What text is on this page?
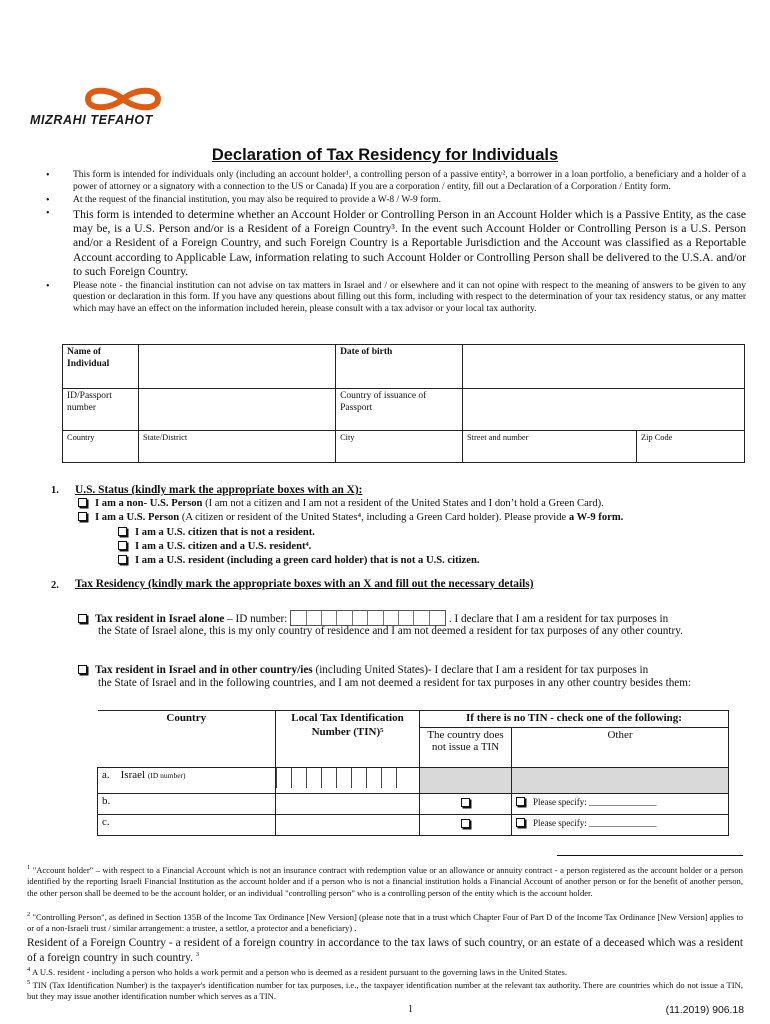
MIZRAHI TEFAHOT
Declaration of Tax Residency for Individuals
• This form is intended for individuals only (including an account holder¹, a controlling person of a passive entity², a borrower in a loan portfolio, a beneficiary and a holder of a power of attorney or a signatory with a connection to the US or Canada) If you are a corporation / entity, fill out a Declaration of a Corporation / Entity form.
• At the request of the financial institution, you may also be required to provide a W-8 / W-9 form.
• This form is intended to determine whether an Account Holder or Controlling Person in an Account Holder which is a Passive Entity, as the case may be, is a U.S. Person and/or is a Resident of a Foreign Country³. In the event such Account Holder or Controlling Person is a U.S. Person and/or a Resident of a Foreign Country, and such Foreign Country is a Reportable Jurisdiction and the Account was classified as a Reportable Account according to Applicable Law, information relating to such Account Holder or Controlling Person shall be delivered to the U.S.A. and/or to such Foreign Country.
• Please note - the financial institution can not advise on tax matters in Israel and / or elsewhere and it can not opine with respect to the meaning of answers to be given to any question or declaration in this form. If you have any questions about filling out this form, including with respect to the determination of your tax residency status, or any matter which may have an effect on the information included herein, please consult with a tax advisor or your local tax authority.
Name of Individual		Date of birth		
ID/Passport number		Country of issuance of Passport		
Country	State/District	City	Street and number	Zip Code
1. U.S. Status (kindly mark the appropriate boxes with an X):
I am a non- U.S. Person (I am not a citizen and I am not a resident of the United States and I don’t hold a Green Card).
I am a U.S. Person (A citizen or resident of the United States⁴, including a Green Card holder). Please provide a W-9 form.
I am a U.S. citizen that is not a resident.
I am a U.S. citizen and a U.S. resident⁴.
I am a U.S. resident (including a green card holder) that is not a U.S. citizen.
2. Tax Residency (kindly mark the appropriate boxes with an X and fill out the necessary details)
Tax resident in Israel alone – ID number:	. I declare that I am a resident for tax purposes in
the State of Israel alone, this is my only country of residence and I am not deemed a resident for tax purposes of any other country.
Tax resident in Israel and in other country/ies (including United States)- I declare that I am a resident for tax purposes in
the State of Israel and in the following countries, and I am not deemed a resident for tax purposes in any other country besides them:
Country	Local Tax Identification Number (TIN)⁵	If there is no TIN - check one of the following:	
		The country does not issue a TIN	Other
a. Israel (ID number)	

b.			Please specify: _______________
c.			Please specify: _______________
$^1$ "Account holder" – with respect to a Financial Account which is not an insurance contract with redemption value or an allowance or annuity contract - a person registered as the account holder or a person identified by the reporting Israeli Financial Institution as the account holder and if a person who is not a financial institution holds a Financial Account of another person or for the benefit of another person, the other person shall be deemed to be the account holder, or an individual "controlling person" who is a controlling person of the entity which is the account holder.
$^2$ "Controlling Person", as defined in Section 135B of the Income Tax Ordinance [New Version] (please note that in a trust which Chapter Four of Part D of the Income Tax Ordinance [New Version] applies to or of a non-Israeli trust / similar arrangement: a trustee, a settlor, a protector and a beneficiary) .
Resident of a Foreign Country - a resident of a foreign country in accordance to the tax laws of such country, or an estate of a deceased which was a resident of a foreign country in such country. $^3$
$^4$ A U.S. resident - including a person who holds a work permit and a person who is deemed as a resident pursuant to the governing laws in the United States.
$^5$ TIN (Tax Identification Number) is the taxpayer's identification number for tax purposes, i.e., the taxpayer identification number at the relevant tax authority. There are countries which do not issue a TIN, but they may issue another identification number which serves as a TIN.
1	(11.2019) 906.18
